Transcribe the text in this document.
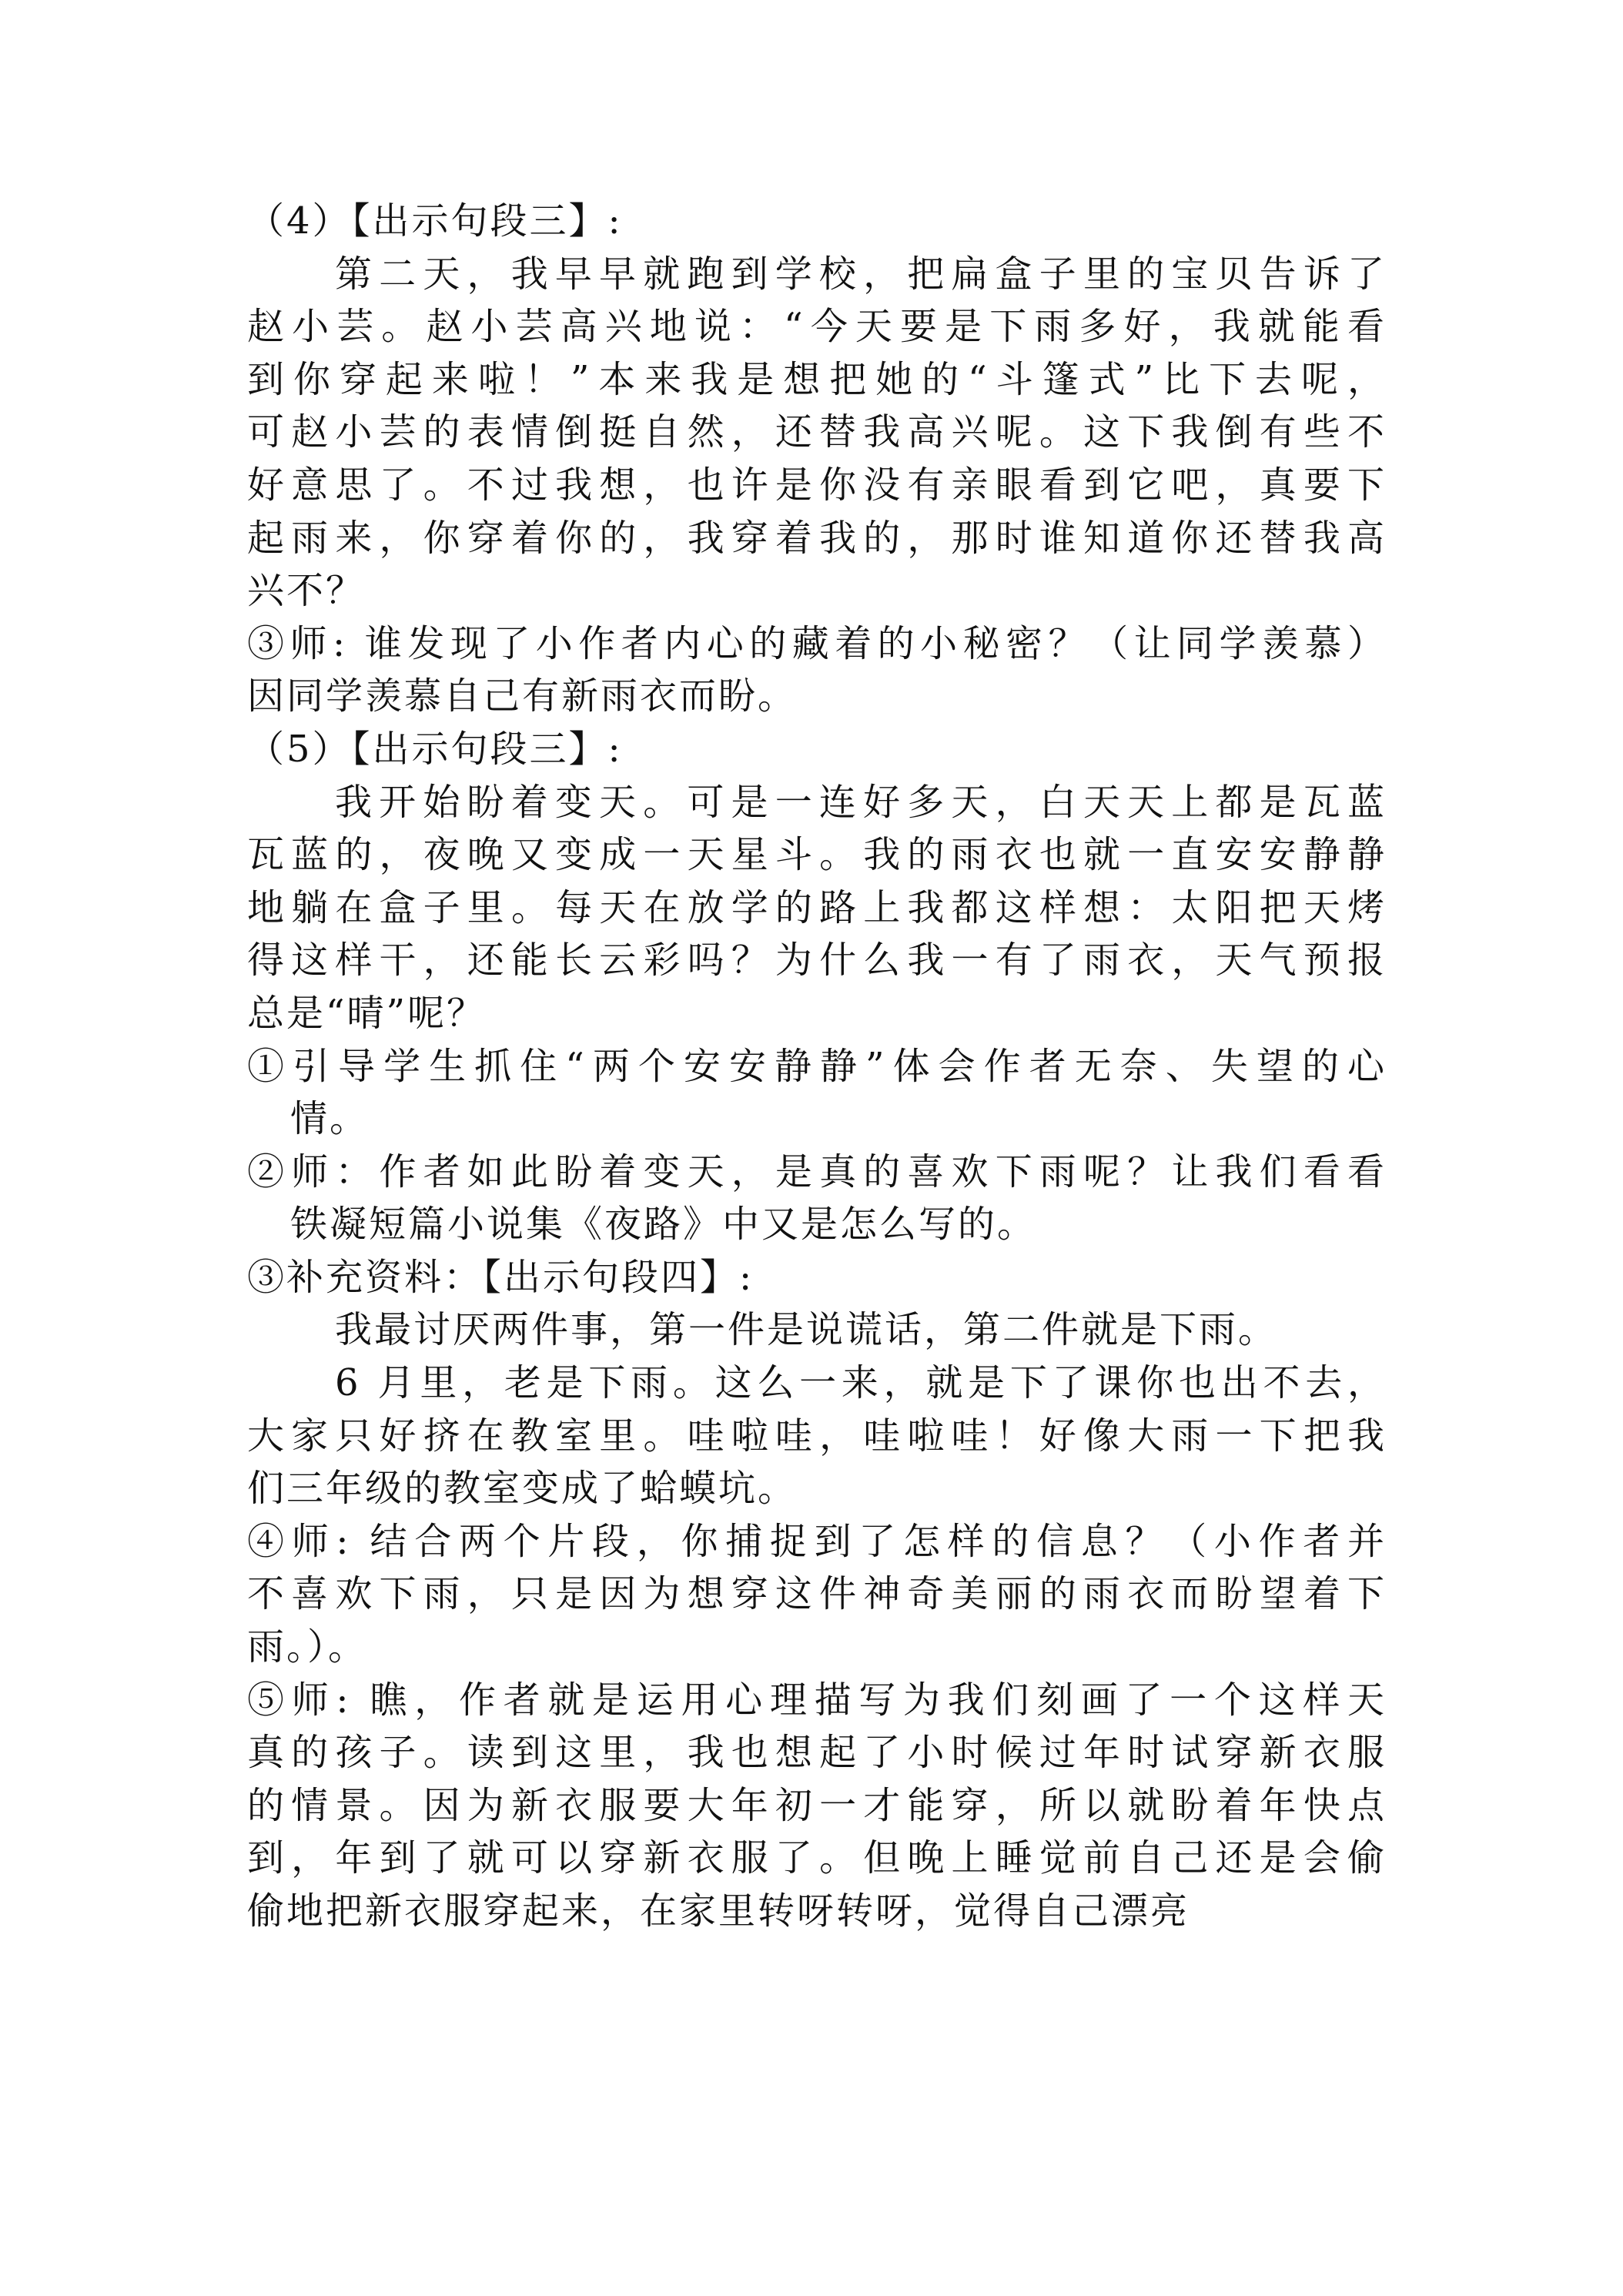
（4）【出示句段三】:
第二天，我早早就跑到学校，把扁盒子里的宝贝告诉了
赵小芸。赵小芸高兴地说：“今天要是下雨多好，我就能看
到你穿起来啦！”本来我是想把她的“斗篷式”比下去呢，
可赵小芸的表情倒挺自然，还替我高兴呢。这下我倒有些不
好意思了。不过我想，也许是你没有亲眼看到它吧，真要下
起雨来，你穿着你的，我穿着我的，那时谁知道你还替我高
兴不？
③师: 谁发现了小作者内心的藏着的小秘密？（让同学羡慕）
因同学羡慕自己有新雨衣而盼。
（5）【出示句段三】:
我开始盼着变天。可是一连好多天，白天天上都是瓦蓝
瓦蓝的，夜晚又变成一天星斗。我的雨衣也就一直安安静静
地躺在盒子里。每天在放学的路上我都这样想：太阳把天烤
得这样干，还能长云彩吗？为什么我一有了雨衣，天气预报
总是“晴”呢？
①引导学生抓住“两个安安静静”体会作者无奈、失望的心
情。
②师：作者如此盼着变天，是真的喜欢下雨呢？让我们看看
铁凝短篇小说集《夜路》中又是怎么写的。
③补充资料：【出示句段四】:
我最讨厌两件事，第一件是说谎话，第二件就是下雨。
6 月里，老是下雨。这么一来，就是下了课你也出不去，
大家只好挤在教室里。哇啦哇，哇啦哇！好像大雨一下把我
们三年级的教室变成了蛤蟆坑。
④师: 结合两个片段，你捕捉到了怎样的信息？（小作者并
不喜欢下雨，只是因为想穿这件神奇美丽的雨衣而盼望着下
雨。）。
⑤师: 瞧，作者就是运用心理描写为我们刻画了一个这样天
真的孩子。读到这里，我也想起了小时候过年时试穿新衣服
的情景。因为新衣服要大年初一才能穿，所以就盼着年快点
到，年到了就可以穿新衣服了。但晚上睡觉前自己还是会偷
偷地把新衣服穿起来，在家里转呀转呀，觉得自己漂亮
